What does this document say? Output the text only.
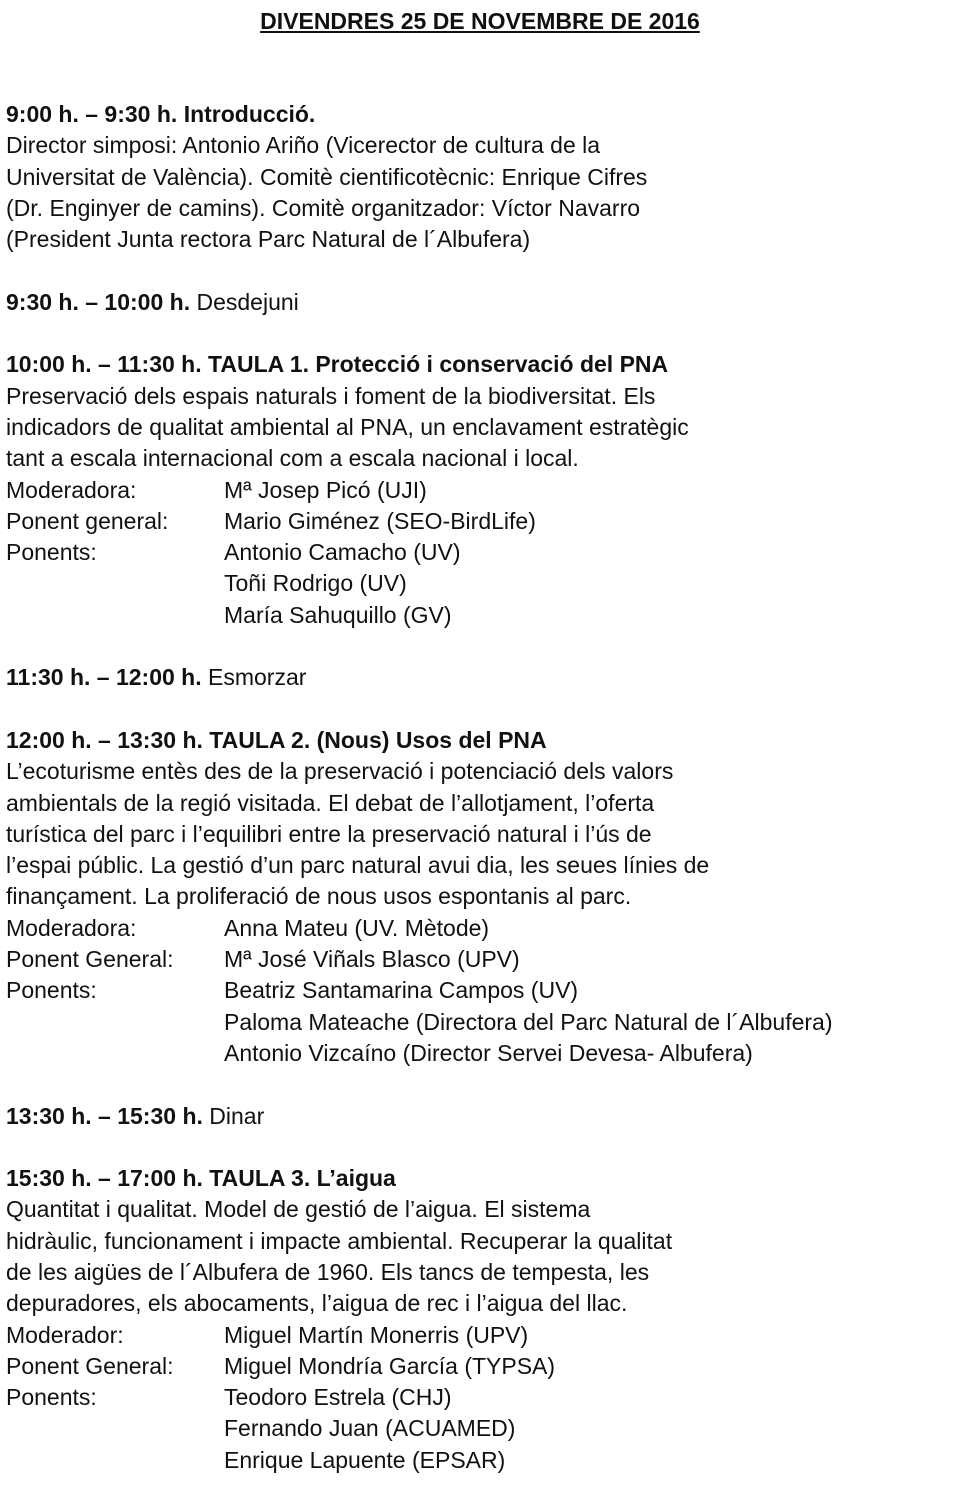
DIVENDRES 25 DE NOVEMBRE DE 2016
9:00 h. – 9:30 h. Introducció.
Director simposi: Antonio Ariño (Vicerector de cultura de la
Universitat de València). Comitè cientificotècnic: Enrique Cifres
(Dr. Enginyer de camins). Comitè organitzador: Víctor Navarro
(President Junta rectora Parc Natural de l´Albufera)
9:30 h. – 10:00 h. Desdejuni
10:00 h. – 11:30 h. TAULA 1. Protecció i conservació del PNA
Preservació dels espais naturals i foment de la biodiversitat. Els
indicadors de qualitat ambiental al PNA, un enclavament estratègic
tant a escala internacional com a escala nacional i local.
Moderadora:	Mª Josep Picó (UJI)
Ponent general:	Mario Giménez (SEO-BirdLife)
Ponents:	Antonio Camacho (UV)
Toñi Rodrigo (UV)
María Sahuquillo (GV)
11:30 h. – 12:00 h. Esmorzar
12:00 h. – 13:30 h. TAULA 2. (Nous) Usos del PNA
L’ecoturisme entès des de la preservació i potenciació dels valors
ambientals de la regió visitada. El debat de l’allotjament, l’oferta
turística del parc i l’equilibri entre la preservació natural i l’ús de
l’espai públic. La gestió d’un parc natural avui dia, les seues línies de
finançament. La proliferació de nous usos espontanis al parc.
Moderadora:	Anna Mateu (UV. Mètode)
Ponent General:	Mª José Viñals Blasco (UPV)
Ponents:	Beatriz Santamarina Campos (UV)
Paloma Mateache (Directora del Parc Natural de l´Albufera)
Antonio Vizcaíno (Director Servei Devesa- Albufera)
13:30 h. – 15:30 h. Dinar
15:30 h. – 17:00 h. TAULA 3. L’aigua
Quantitat i qualitat. Model de gestió de l’aigua. El sistema
hidràulic, funcionament i impacte ambiental. Recuperar la qualitat
de les aigües de l´Albufera de 1960. Els tancs de tempesta, les
depuradores, els abocaments, l’aigua de rec i l’aigua del llac.
Moderador:	Miguel Martín Monerris (UPV)
Ponent General:	Miguel Mondría García (TYPSA)
Ponents:	Teodoro Estrela (CHJ)
Fernando Juan (ACUAMED)
Enrique Lapuente (EPSAR)
